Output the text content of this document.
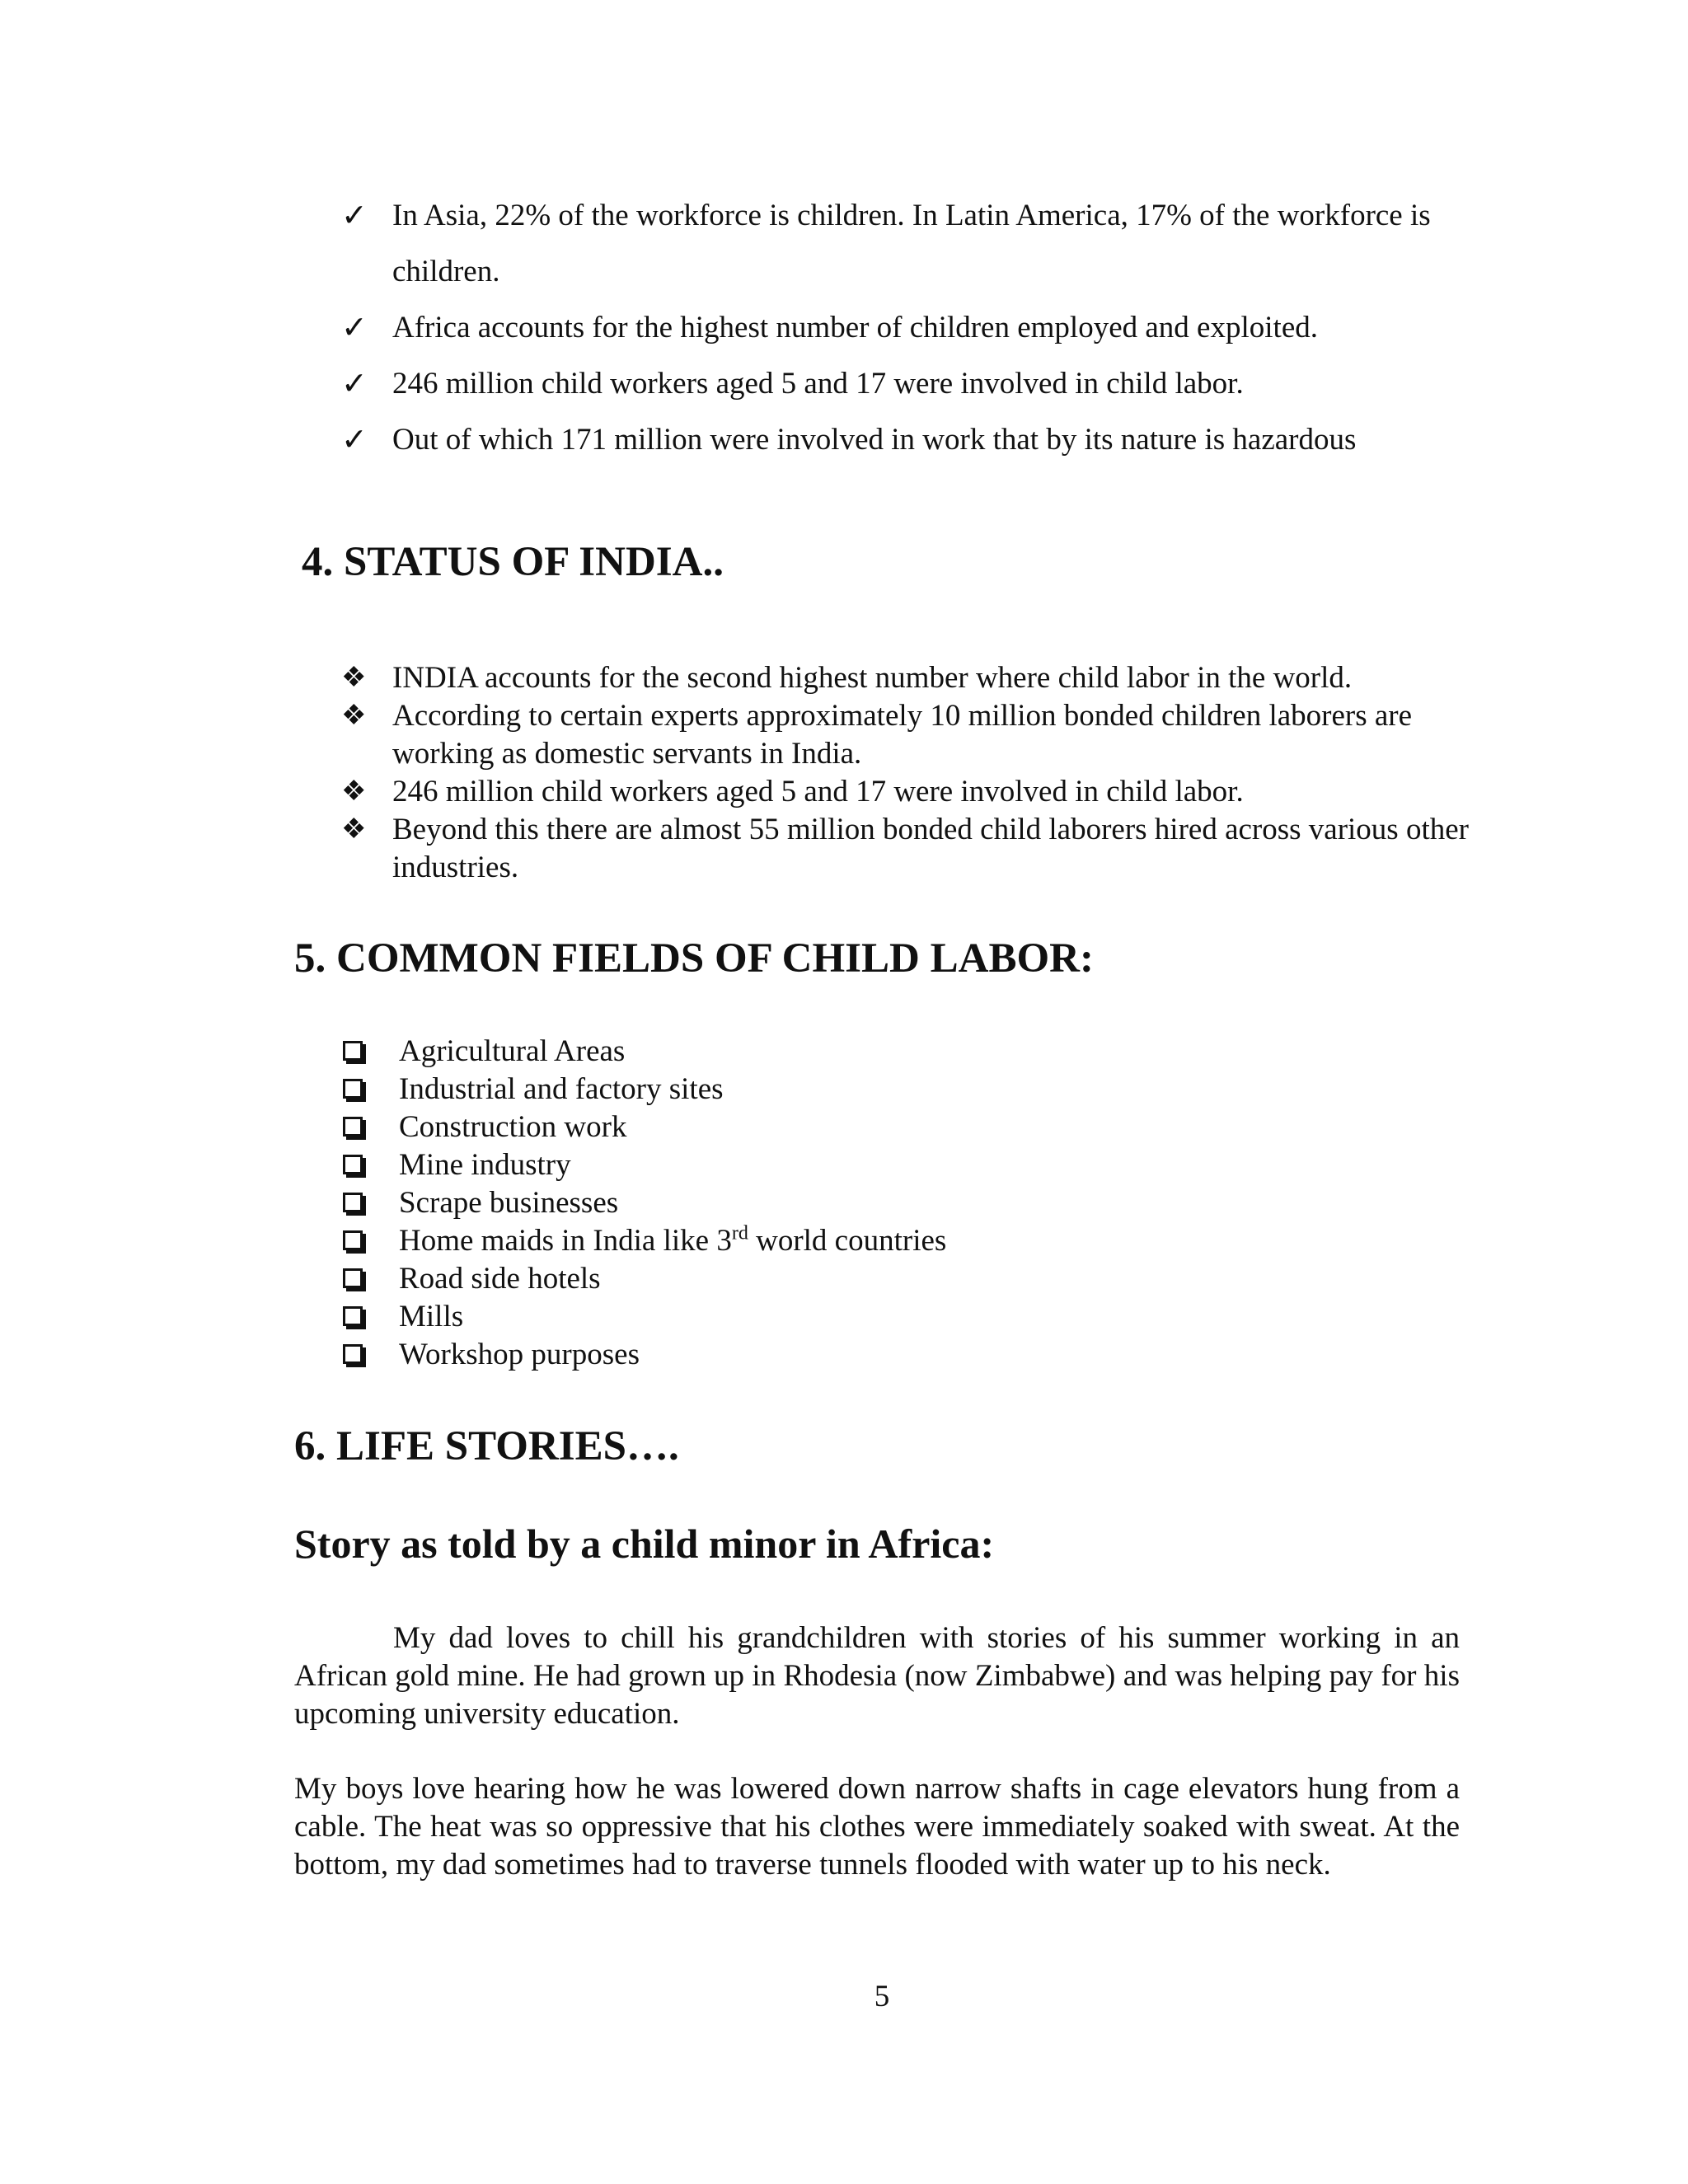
✓ In Asia, 22% of the workforce is children. In Latin America, 17% of the workforce is children.
✓ Africa accounts for the highest number of children employed and exploited.
✓ 246 million child workers aged 5 and 17 were involved in child labor.
✓ Out of which 171 million were involved in work that by its nature is hazardous
4. STATUS OF INDIA..
❖ INDIA accounts for the second highest number where child labor in the world.
❖ According to certain experts approximately 10 million bonded children laborers are working as domestic servants in India.
❖ 246 million child workers aged 5 and 17 were involved in child labor.
❖ Beyond this there are almost 55 million bonded child laborers hired across various other industries.
5. COMMON FIELDS OF CHILD LABOR:
Agricultural Areas
Industrial and factory sites
Construction work
Mine industry
Scrape businesses
Home maids in India like 3rd world countries
Road side hotels
Mills
Workshop purposes
6. LIFE STORIES….
Story as told by a child minor in Africa:

My dad loves to chill his grandchildren with stories of his summer working in an African gold mine. He had grown up in Rhodesia (now Zimbabwe) and was helping pay for his upcoming university education.

My boys love hearing how he was lowered down narrow shafts in cage elevators hung from a cable. The heat was so oppressive that his clothes were immediately soaked with sweat. At the bottom, my dad sometimes had to traverse tunnels flooded with water up to his neck.

5
